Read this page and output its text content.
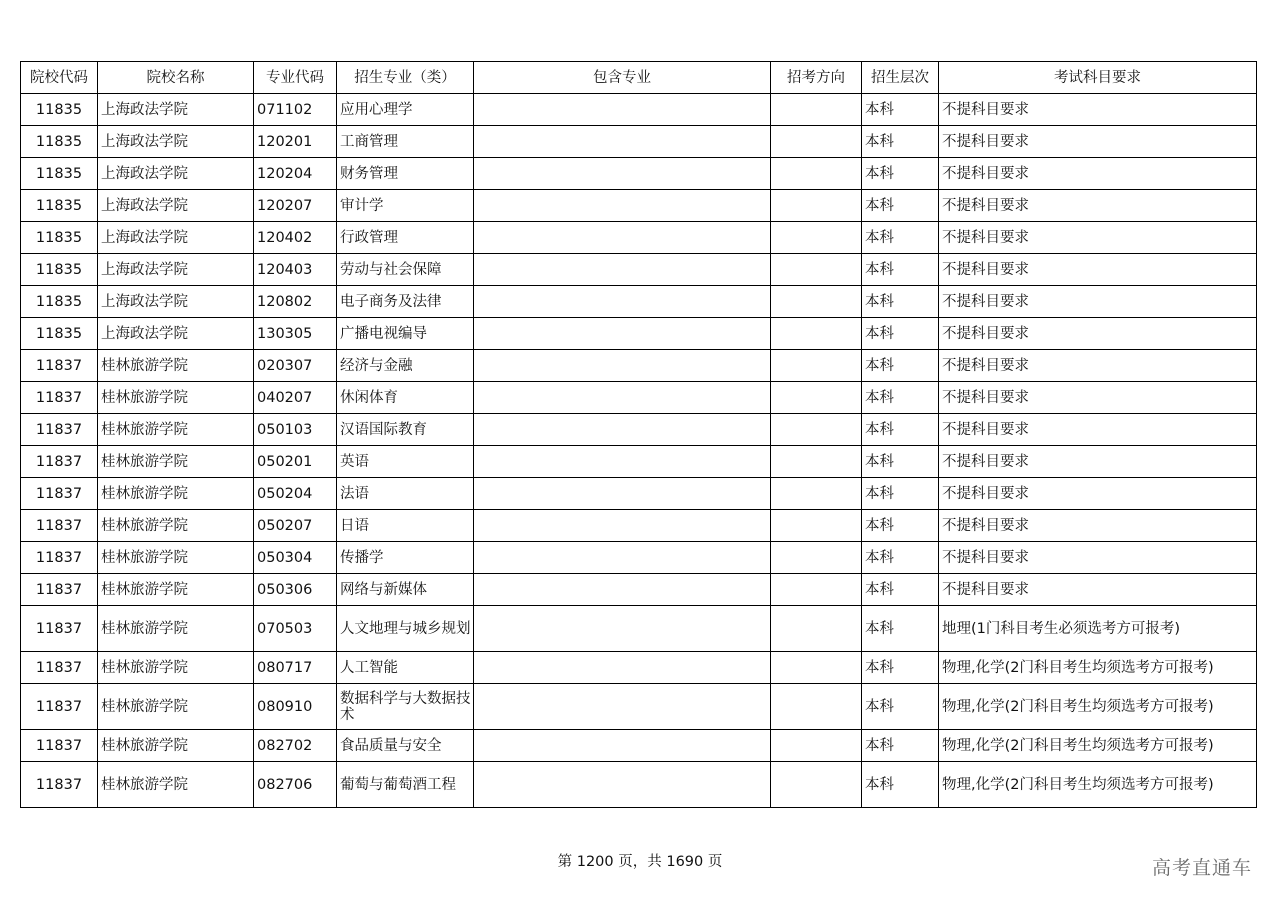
院校代码	院校名称	专业代码	招生专业（类）	包含专业	招考方向	招生层次	考试科目要求
11835	上海政法学院	071102	应用心理学			本科	不提科目要求
11835	上海政法学院	120201	工商管理			本科	不提科目要求
11835	上海政法学院	120204	财务管理			本科	不提科目要求
11835	上海政法学院	120207	审计学			本科	不提科目要求
11835	上海政法学院	120402	行政管理			本科	不提科目要求
11835	上海政法学院	120403	劳动与社会保障			本科	不提科目要求
11835	上海政法学院	120802	电子商务及法律			本科	不提科目要求
11835	上海政法学院	130305	广播电视编导			本科	不提科目要求
11837	桂林旅游学院	020307	经济与金融			本科	不提科目要求
11837	桂林旅游学院	040207	休闲体育			本科	不提科目要求
11837	桂林旅游学院	050103	汉语国际教育			本科	不提科目要求
11837	桂林旅游学院	050201	英语			本科	不提科目要求
11837	桂林旅游学院	050204	法语			本科	不提科目要求
11837	桂林旅游学院	050207	日语			本科	不提科目要求
11837	桂林旅游学院	050304	传播学			本科	不提科目要求
11837	桂林旅游学院	050306	网络与新媒体			本科	不提科目要求
11837	桂林旅游学院	070503	人文地理与城乡规划			本科	地理(1门科目考生必须选考方可报考)
11837	桂林旅游学院	080717	人工智能			本科	物理,化学(2门科目考生均须选考方可报考)
11837	桂林旅游学院	080910	数据科学与大数据技术			本科	物理,化学(2门科目考生均须选考方可报考)
11837	桂林旅游学院	082702	食品质量与安全			本科	物理,化学(2门科目考生均须选考方可报考)
11837	桂林旅游学院	082706	葡萄与葡萄酒工程			本科	物理,化学(2门科目考生均须选考方可报考)
第 1200 页，共 1690 页	高考直通车
